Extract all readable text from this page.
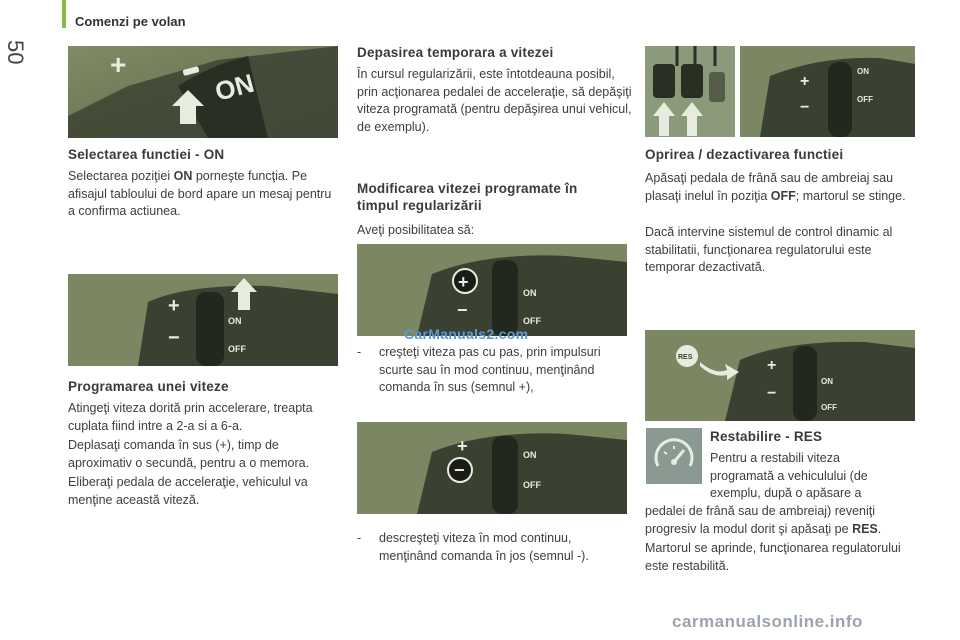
50
Comenzi pe volan
+
ON
Selectarea functiei - ON

Selectarea poziţiei ON porneşte funcţia. Pe afisajul tabloului de bord apare un mesaj pentru a confirma actiunea.

+
−
ON
OFF
Programarea unei viteze

Atingeţi viteza dorită prin accelerare, treapta cuplata fiind intre a 2-a si a 6-a.

Deplasaţi comanda în sus (+), timp de aproximativ o secundă, pentru a o memora.

Eliberaţi pedala de acceleraţie, vehiculul va menţine această viteză.

Depasirea temporara a vitezei

În cursul regularizării, este întotdeauna posibil, prin acţionarea pedalei de acceleraţie, să depăşiţi viteza programată (pentru depăşirea unui vehicul, de exemplu).

Modificarea vitezei programate în
timpul regularizării

Aveţi posibilitatea să:

+
−
ON
OFF
CarManuals2.com

-	creşteţi viteza pas cu pas, prin impulsuri scurte sau în mod continuu, menţinând comanda în sus (semnul +),

+
−
ON
OFF

-	descreşteţi viteza în mod continuu, menţinând comanda în jos (semnul -).

+
−
ON
OFF
Oprirea / dezactivarea functiei

Apăsaţi pedala de frână sau de ambreiaj sau plasaţi inelul în poziţia OFF; martorul se stinge.

Dacă intervine sistemul de control dinamic al stabilitatii, funcţionarea regulatorului este temporar dezactivată.

RES	+
−
ON
OFF
Restabilire - RES

Pentru a restabili viteza programată a vehiculului (de exemplu, după o apăsare a

pedalei de frână sau de ambreiaj) reveniţi progresiv la modul dorit şi apăsaţi pe RES.

Martorul se aprinde, funcţionarea regulatorului este restabilită.

carmanualsonline.info
